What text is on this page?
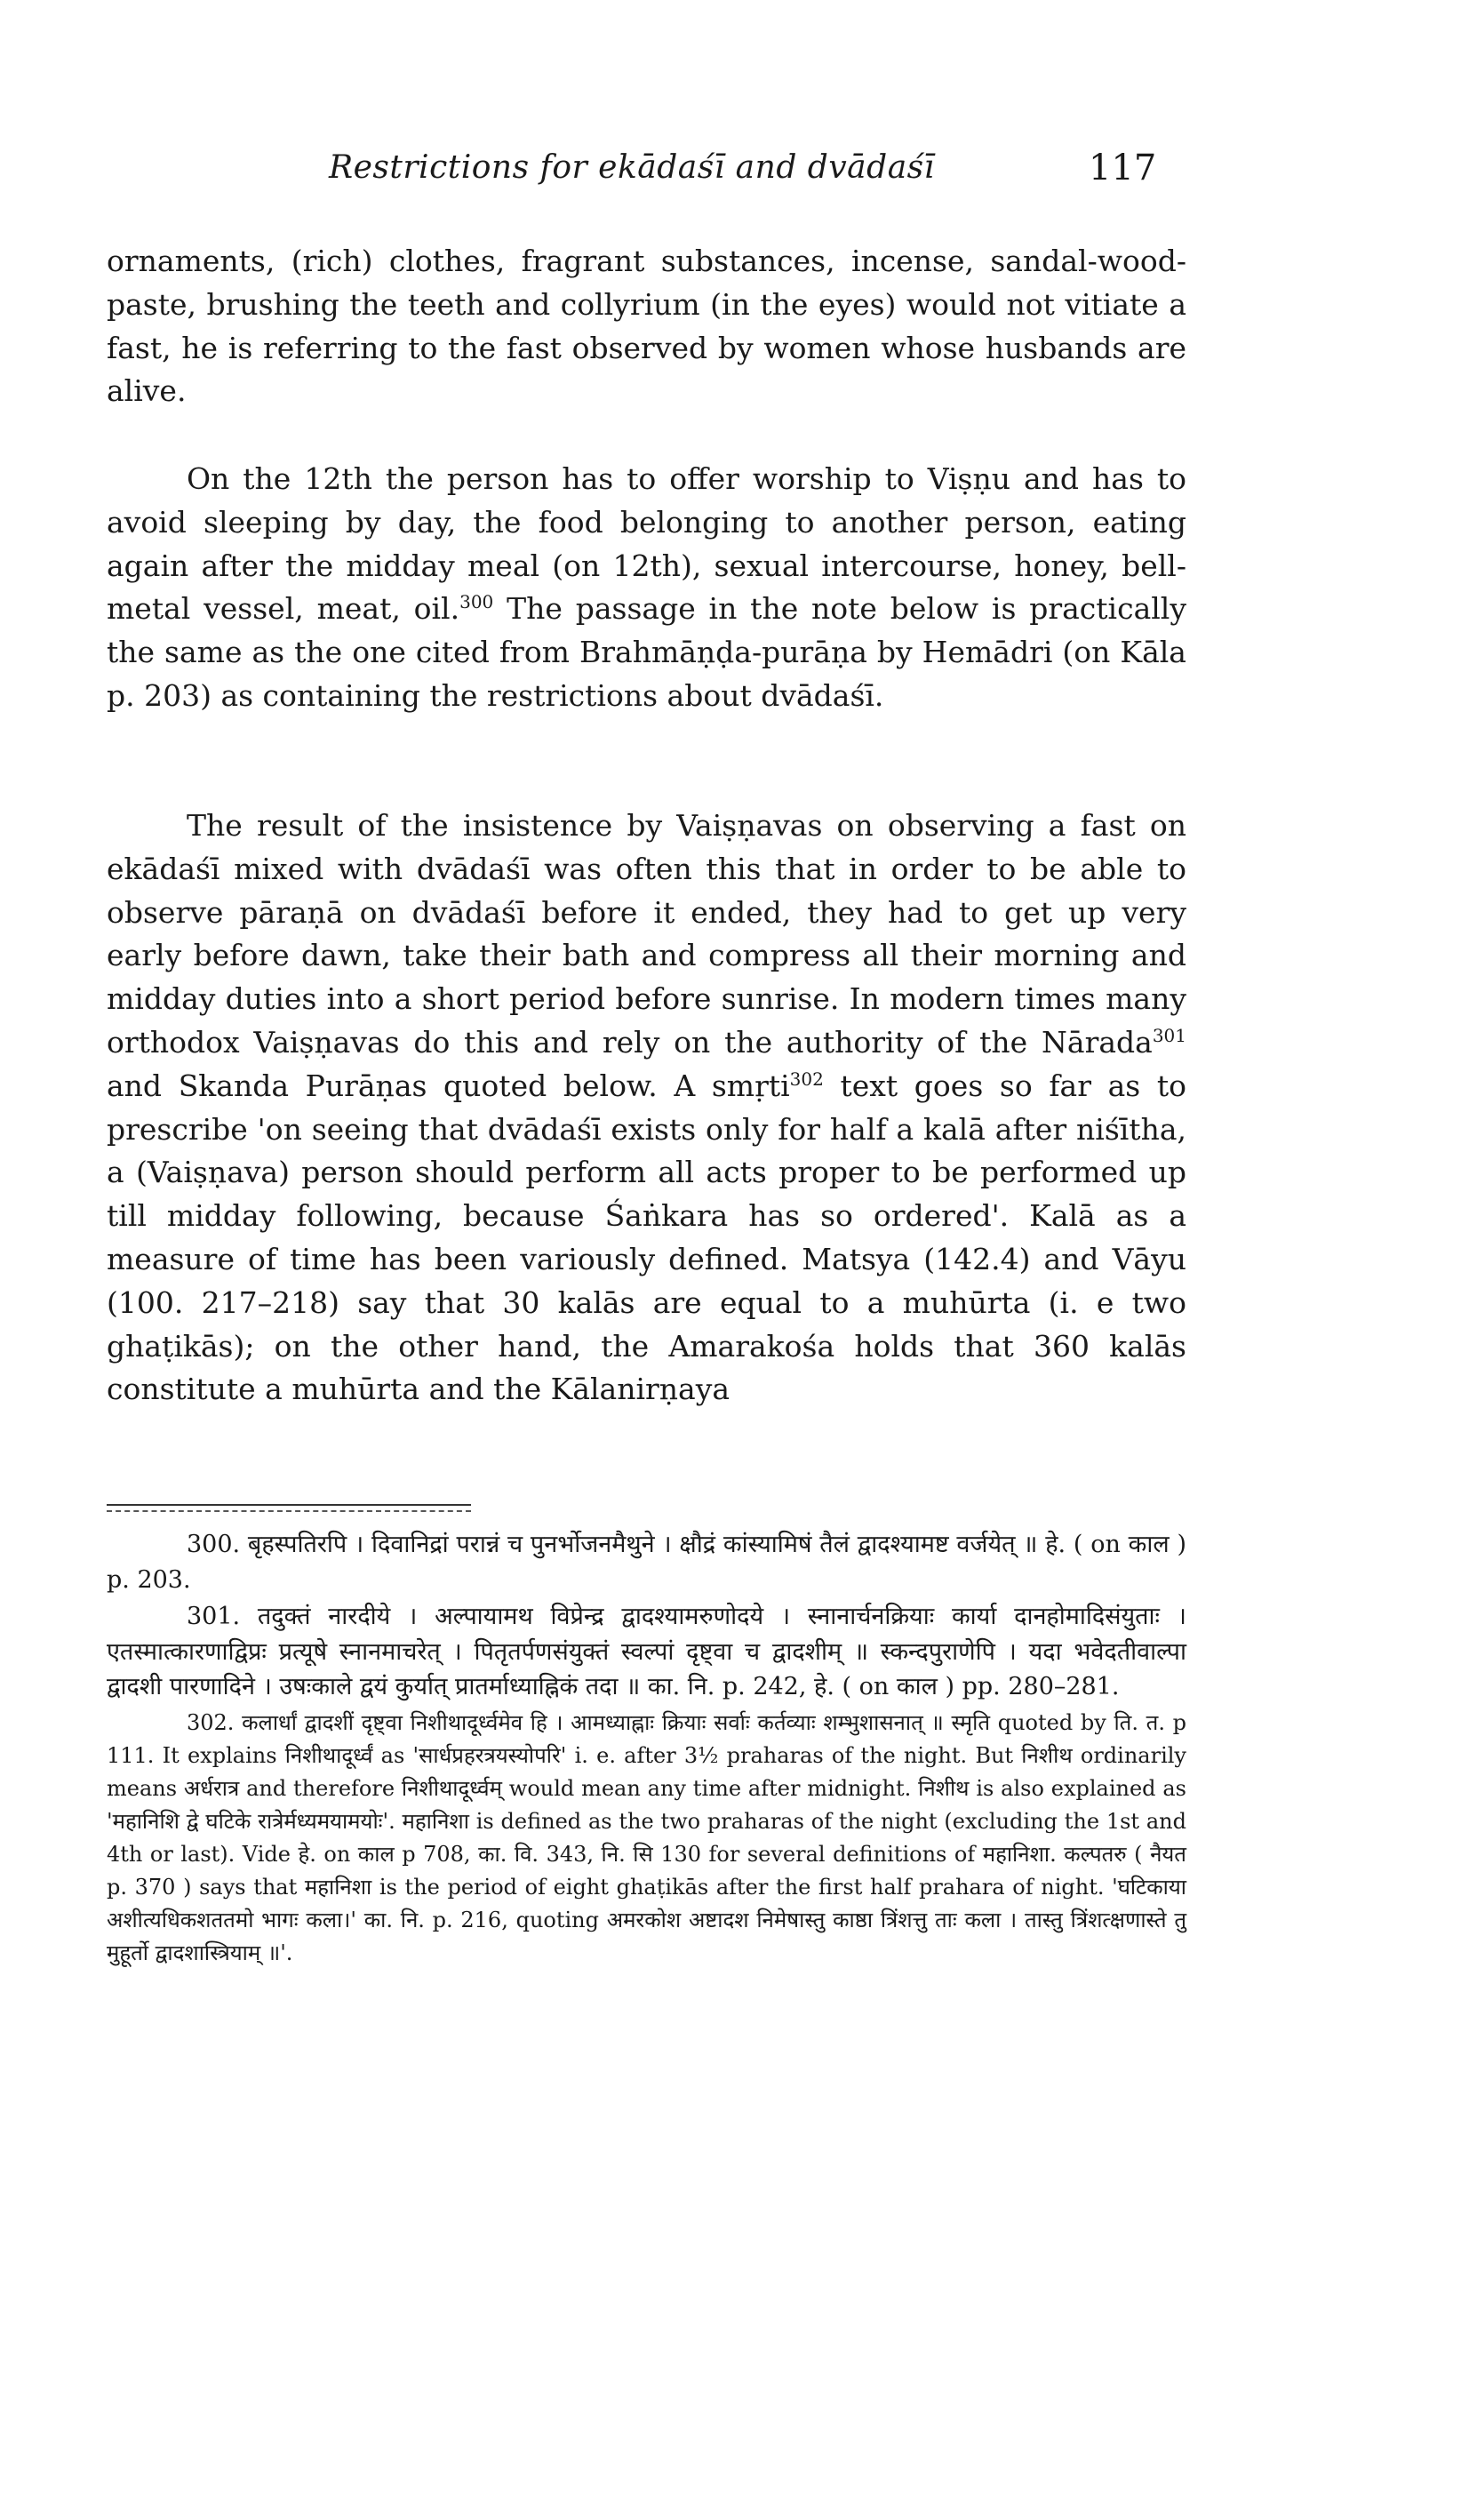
Restrictions for ekādaśī and dvādaśī	117

ornaments, (rich) clothes, fragrant substances, incense, sandal-wood-paste, brushing the teeth and collyrium (in the eyes) would not vitiate a fast, he is referring to the fast observed by women whose husbands are alive.

On the 12th the person has to offer worship to Viṣṇu and has to avoid sleeping by day, the food belonging to another person, eating again after the midday meal (on 12th), sexual intercourse, honey, bell-metal vessel, meat, oil.$^{300}$ The passage in the note below is practically the same as the one cited from Brahmāṇḍa-purāṇa by Hemādri (on Kāla p. 203) as containing the restrictions about dvādaśī.

The result of the insistence by Vaiṣṇavas on observing a fast on ekādaśī mixed with dvādaśī was often this that in order to be able to observe pāraṇā on dvādaśī before it ended, they had to get up very early before dawn, take their bath and compress all their morning and midday duties into a short period before sunrise. In modern times many orthodox Vaiṣṇavas do this and rely on the authority of the Nārada$^{301}$ and Skanda Purāṇas quoted below. A smṛti$^{302}$ text goes so far as to prescribe 'on seeing that dvādaśī exists only for half a kalā after niśītha, a (Vaiṣṇava) person should perform all acts proper to be performed up till midday following, because Śaṅkara has so ordered'. Kalā as a measure of time has been variously defined. Matsya (142.4) and Vāyu (100. 217–218) say that 30 kalās are equal to a muhūrta (i. e two ghaṭikās); on the other hand, the Amarakośa holds that 360 kalās constitute a muhūrta and the Kālanirṇaya

300. बृहस्पतिरपि । दिवानिद्रां परान्नं च पुनर्भोजनमैथुने । क्षौद्रं कांस्यामिषं तैलं द्वादश्यामष्ट वर्जयेत् ॥ हे. ( on काल ) p. 203.

301. तदुक्तं नारदीये । अल्पायामथ विप्रेन्द्र द्वादश्यामरुणोदये । स्नानार्चनक्रियाः कार्या दानहोमादिसंयुताः । एतस्मात्कारणाद्विप्रः प्रत्यूषे स्नानमाचरेत् । पितृतर्पणसंयुक्तं स्वल्पां दृष्ट्वा च द्वादशीम् ॥ स्कन्दपुराणेपि । यदा भवेदतीवाल्पा द्वादशी पारणादिने । उषःकाले द्वयं कुर्यात् प्रातर्माध्याह्निकं तदा ॥ का. नि. p. 242, हे. ( on काल ) pp. 280–281.

302. कलार्धां द्वादशीं दृष्ट्वा निशीथादूर्ध्वमेव हि । आमध्याह्नाः क्रियाः सर्वाः कर्तव्याः शम्भुशासनात् ॥ स्मृति quoted by ति. त. p 111. It explains निशीथादूर्ध्वं as 'सार्धप्रहरत्रयस्योपरि' i. e. after 3½ praharas of the night. But निशीथ ordinarily means अर्धरात्र and therefore निशीथादूर्ध्वम् would mean any time after midnight. निशीथ is also explained as 'महानिशि द्वे घटिके रात्रेर्मध्यमयामयोः'. महानिशा is defined as the two praharas of the night (excluding the 1st and 4th or last). Vide हे. on काल p 708, का. वि. 343, नि. सि 130 for several definitions of महानिशा. कल्पतरु ( नैयत p. 370 ) says that महानिशा is the period of eight ghaṭikās after the first half prahara of night. 'घटिकाया अशीत्यधिकशततमो भागः कला।' का. नि. p. 216, quoting अमरकोश अष्टादश निमेषास्तु काष्ठा त्रिंशत्तु ताः कला । तास्तु त्रिंशत्क्षणास्ते तु मुहूर्तो द्वादशास्त्रियाम् ॥'.
